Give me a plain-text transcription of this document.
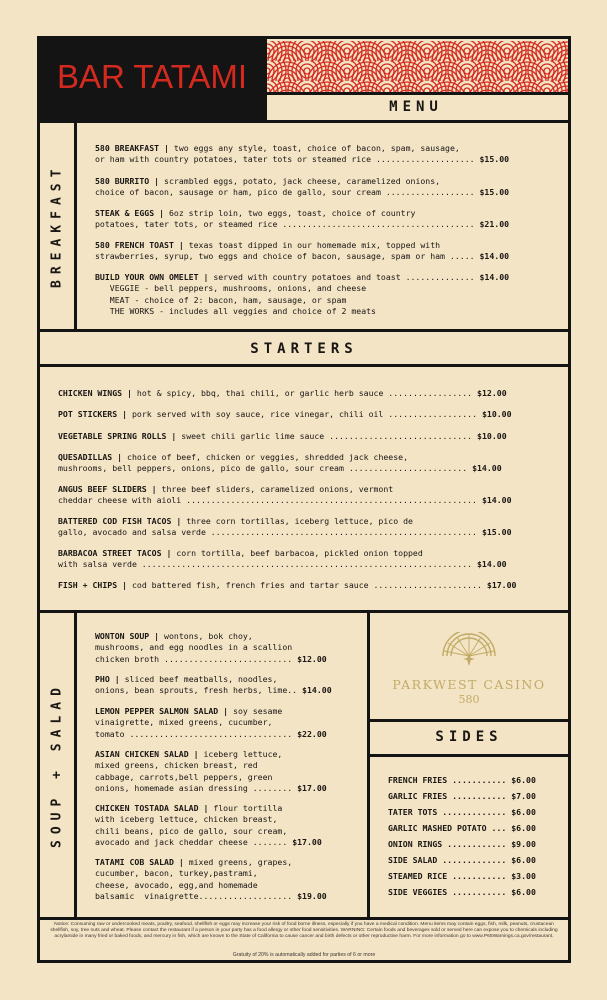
BAR TATAMI
MENU
BREAKFAST
580 BREAKFAST | two eggs any style, toast, choice of bacon, spam, sausage,
or ham with country potatoes, tater tots or steamed rice .................... $15.00
580 BURRITO | scrambled eggs, potato, jack cheese, caramelized onions,
choice of bacon, sausage or ham, pico de gallo, sour cream .................. $15.00
STEAK & EGGS | 6oz strip loin, two eggs, toast, choice of country
potatoes, tater tots, or steamed rice ....................................... $21.00
580 FRENCH TOAST | texas toast dipped in our homemade mix, topped with
strawberries, syrup, two eggs and choice of bacon, sausage, spam or ham ..... $14.00
BUILD YOUR OWN OMELET | served with country potatoes and toast .............. $14.00
VEGGIE - bell peppers, mushrooms, onions, and cheese
MEAT - choice of 2: bacon, ham, sausage, or spam
THE WORKS - includes all veggies and choice of 2 meats
STARTERS
CHICKEN WINGS | hot & spicy, bbq, thai chili, or garlic herb sauce ................. $12.00
POT STICKERS | pork served with soy sauce, rice vinegar, chili oil .................. $10.00
VEGETABLE SPRING ROLLS | sweet chili garlic lime sauce ............................. $10.00
QUESADILLAS | choice of beef, chicken or veggies, shredded jack cheese,
mushrooms, bell peppers, onions, pico de gallo, sour cream ........................ $14.00
ANGUS BEEF SLIDERS | three beef sliders, caramelized onions, vermont
cheddar cheese with aioli ........................................................... $14.00
BATTERED COD FISH TACOS | three corn tortillas, iceberg lettuce, pico de
gallo, avocado and salsa verde ...................................................... $15.00
BARBACOA STREET TACOS | corn tortilla, beef barbacoa, pickled onion topped
with salsa verde ................................................................... $14.00
FISH + CHIPS | cod battered fish, french fries and tartar sauce ...................... $17.00
SOUP + SALAD
WONTON SOUP | wontons, bok choy,
mushrooms, and egg noodles in a scallion
chicken broth .......................... $12.00
PHO | sliced beef meatballs, noodles,
onions, bean sprouts, fresh herbs, lime.. $14.00
LEMON PEPPER SALMON SALAD | soy sesame
vinaigrette, mixed greens, cucumber,
tomato ................................. $22.00
ASIAN CHICKEN SALAD | iceberg lettuce,
mixed greens, chicken breast, red
cabbage, carrots,bell peppers, green
onions, homemade asian dressing ........ $17.00
CHICKEN TOSTADA SALAD | flour tortilla
with iceberg lettuce, chicken breast,
chili beans, pico de gallo, sour cream,
avocado and jack cheddar cheese ....... $17.00
TATAMI COB SALAD | mixed greens, grapes,
cucumber, bacon, turkey,pastrami,
cheese, avocado, egg,and homemade
balsamic  vinaigrette................... $19.00
PARKWEST CASINO
580
SIDES
FRENCH FRIES ........... $6.00
GARLIC FRIES ........... $7.00
TATER TOTS ............. $6.00
GARLIC MASHED POTATO ... $6.00
ONION RINGS ............ $9.00
SIDE SALAD ............. $6.00
STEAMED RICE ........... $3.00
SIDE VEGGIES ........... $6.00
Notice: Consuming raw or undercooked meats, poultry, seafood, shellfish or eggs may increase your risk of food borne illness, especially if you have a medical condition. Menu items may contain eggs, fish, milk, peanuts, crustacean shellfish, soy, tree nuts and wheat. Please contact the restaurant if a person in your party has a food allergy or other food sensitivities. WARNING: Certain foods and beverages sold or served here can expose you to chemicals including acrylamide in many fried or baked foods, and mercury in fish, which are known to the State of California to cause cancer and birth defects or other reproductive harm. For more information go to www.P65Warnings.ca.gov/restaurant.
Gratuity of 20% is automatically added for parties of 6 or more
